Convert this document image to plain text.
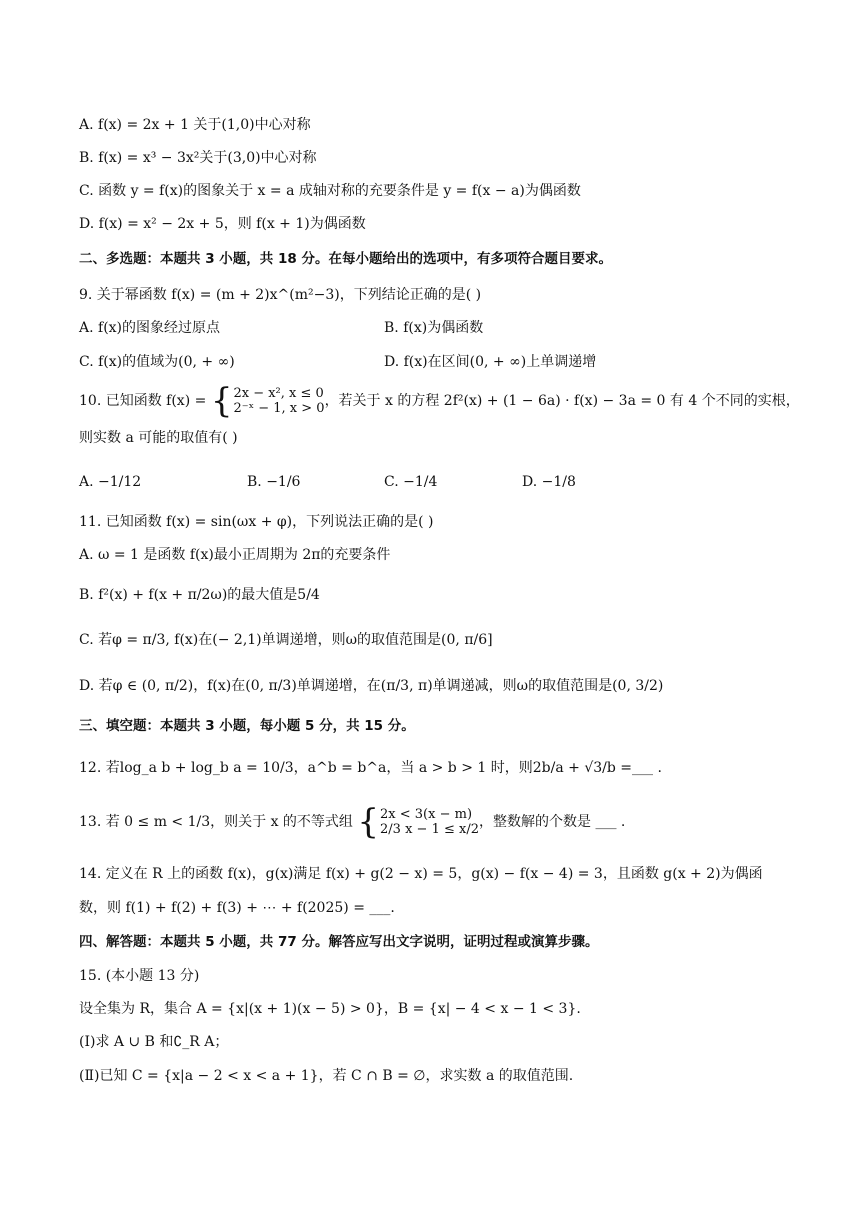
A. f(x) = 2x + 1 关于(1,0)中心对称
B. f(x) = x³ − 3x²关于(3,0)中心对称
C. 函数 y = f(x)的图象关于 x = a 成轴对称的充要条件是 y = f(x − a)为偶函数
D. f(x) = x² − 2x + 5，则 f(x + 1)为偶函数
二、多选题：本题共 3 小题，共 18 分。在每小题给出的选项中，有多项符合题目要求。
9. 关于幂函数 f(x) = (m + 2)x^(m²−3)，下列结论正确的是( )
A. f(x)的图象经过原点	B. f(x)为偶函数
C. f(x)的值域为(0, + ∞)	D. f(x)在区间(0, + ∞)上单调递增
10. 已知函数 f(x) = { 2x − x², x ≤ 0
2⁻ˣ − 1, x > 0 ，若关于 x 的方程 2f²(x) + (1 − 6a) · f(x) − 3a = 0 有 4 个不同的实根，
则实数 a 可能的取值有( )
A. −1/12	B. −1/6	C. −1/4	D. −1/8
11. 已知函数 f(x) = sin(ωx + φ)，下列说法正确的是( )
A. ω = 1 是函数 f(x)最小正周期为 2π的充要条件
B. f²(x) + f(x + π/2ω)的最大值是5/4
C. 若φ = π/3, f(x)在(− 2,1)单调递增，则ω的取值范围是(0, π/6]
D. 若φ ∈ (0, π/2)，f(x)在(0, π/3)单调递增，在(π/3, π)单调递减，则ω的取值范围是(0, 3/2)
三、填空题：本题共 3 小题，每小题 5 分，共 15 分。
12. 若log_a b + log_b a = 10/3，a^b = b^a，当 a > b > 1 时，则2b/a + √3/b =___ .
13. 若 0 ≤ m < 1/3，则关于 x 的不等式组 { 2x < 3(x − m)
2/3 x − 1 ≤ x/2 ，整数解的个数是 ___ .
14. 定义在 R 上的函数 f(x)，g(x)满足 f(x) + g(2 − x) = 5，g(x) − f(x − 4) = 3，且函数 g(x + 2)为偶函
数，则 f(1) + f(2) + f(3) + ⋯ + f(2025) = ___.
四、解答题：本题共 5 小题，共 77 分。解答应写出文字说明，证明过程或演算步骤。
15. (本小题 13 分)
设全集为 R，集合 A = {x|(x + 1)(x − 5) > 0}，B = {x| − 4 < x − 1 < 3}.
(Ⅰ)求 A ∪ B 和∁_R A；
(Ⅱ)已知 C = {x|a − 2 < x < a + 1}，若 C ∩ B = ∅，求实数 a 的取值范围.
